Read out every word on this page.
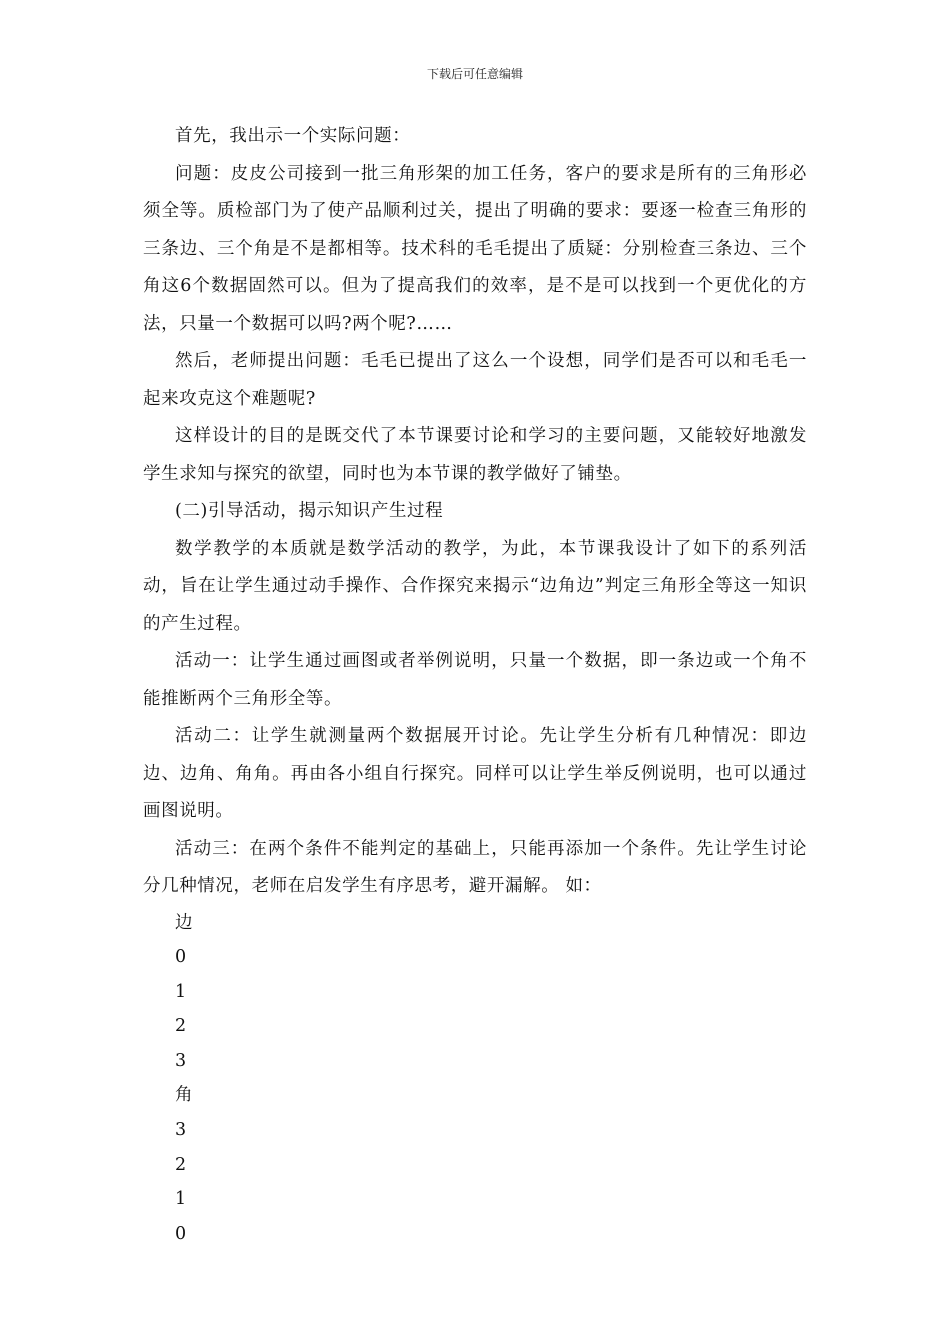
下载后可任意编辑

首先，我出示一个实际问题：

问题：皮皮公司接到一批三角形架的加工任务，客户的要求是所有的三角形必须全等。质检部门为了使产品顺利过关，提出了明确的要求：要逐一检查三角形的三条边、三个角是不是都相等。技术科的毛毛提出了质疑：分别检查三条边、三个角这6个数据固然可以。但为了提高我们的效率，是不是可以找到一个更优化的方法，只量一个数据可以吗?两个呢?……

然后，老师提出问题：毛毛已提出了这么一个设想，同学们是否可以和毛毛一起来攻克这个难题呢?

这样设计的目的是既交代了本节课要讨论和学习的主要问题，又能较好地激发学生求知与探究的欲望，同时也为本节课的教学做好了铺垫。

(二)引导活动，揭示知识产生过程

数学教学的本质就是数学活动的教学，为此，本节课我设计了如下的系列活动，旨在让学生通过动手操作、合作探究来揭示“边角边”判定三角形全等这一知识的产生过程。

活动一：让学生通过画图或者举例说明，只量一个数据，即一条边或一个角不能推断两个三角形全等。

活动二：让学生就测量两个数据展开讨论。先让学生分析有几种情况：即边边、边角、角角。再由各小组自行探究。同样可以让学生举反例说明，也可以通过画图说明。

活动三：在两个条件不能判定的基础上，只能再添加一个条件。先让学生讨论分几种情况，老师在启发学生有序思考，避开漏解。 如：

边

0

1

2

3

角

3

2

1

0
